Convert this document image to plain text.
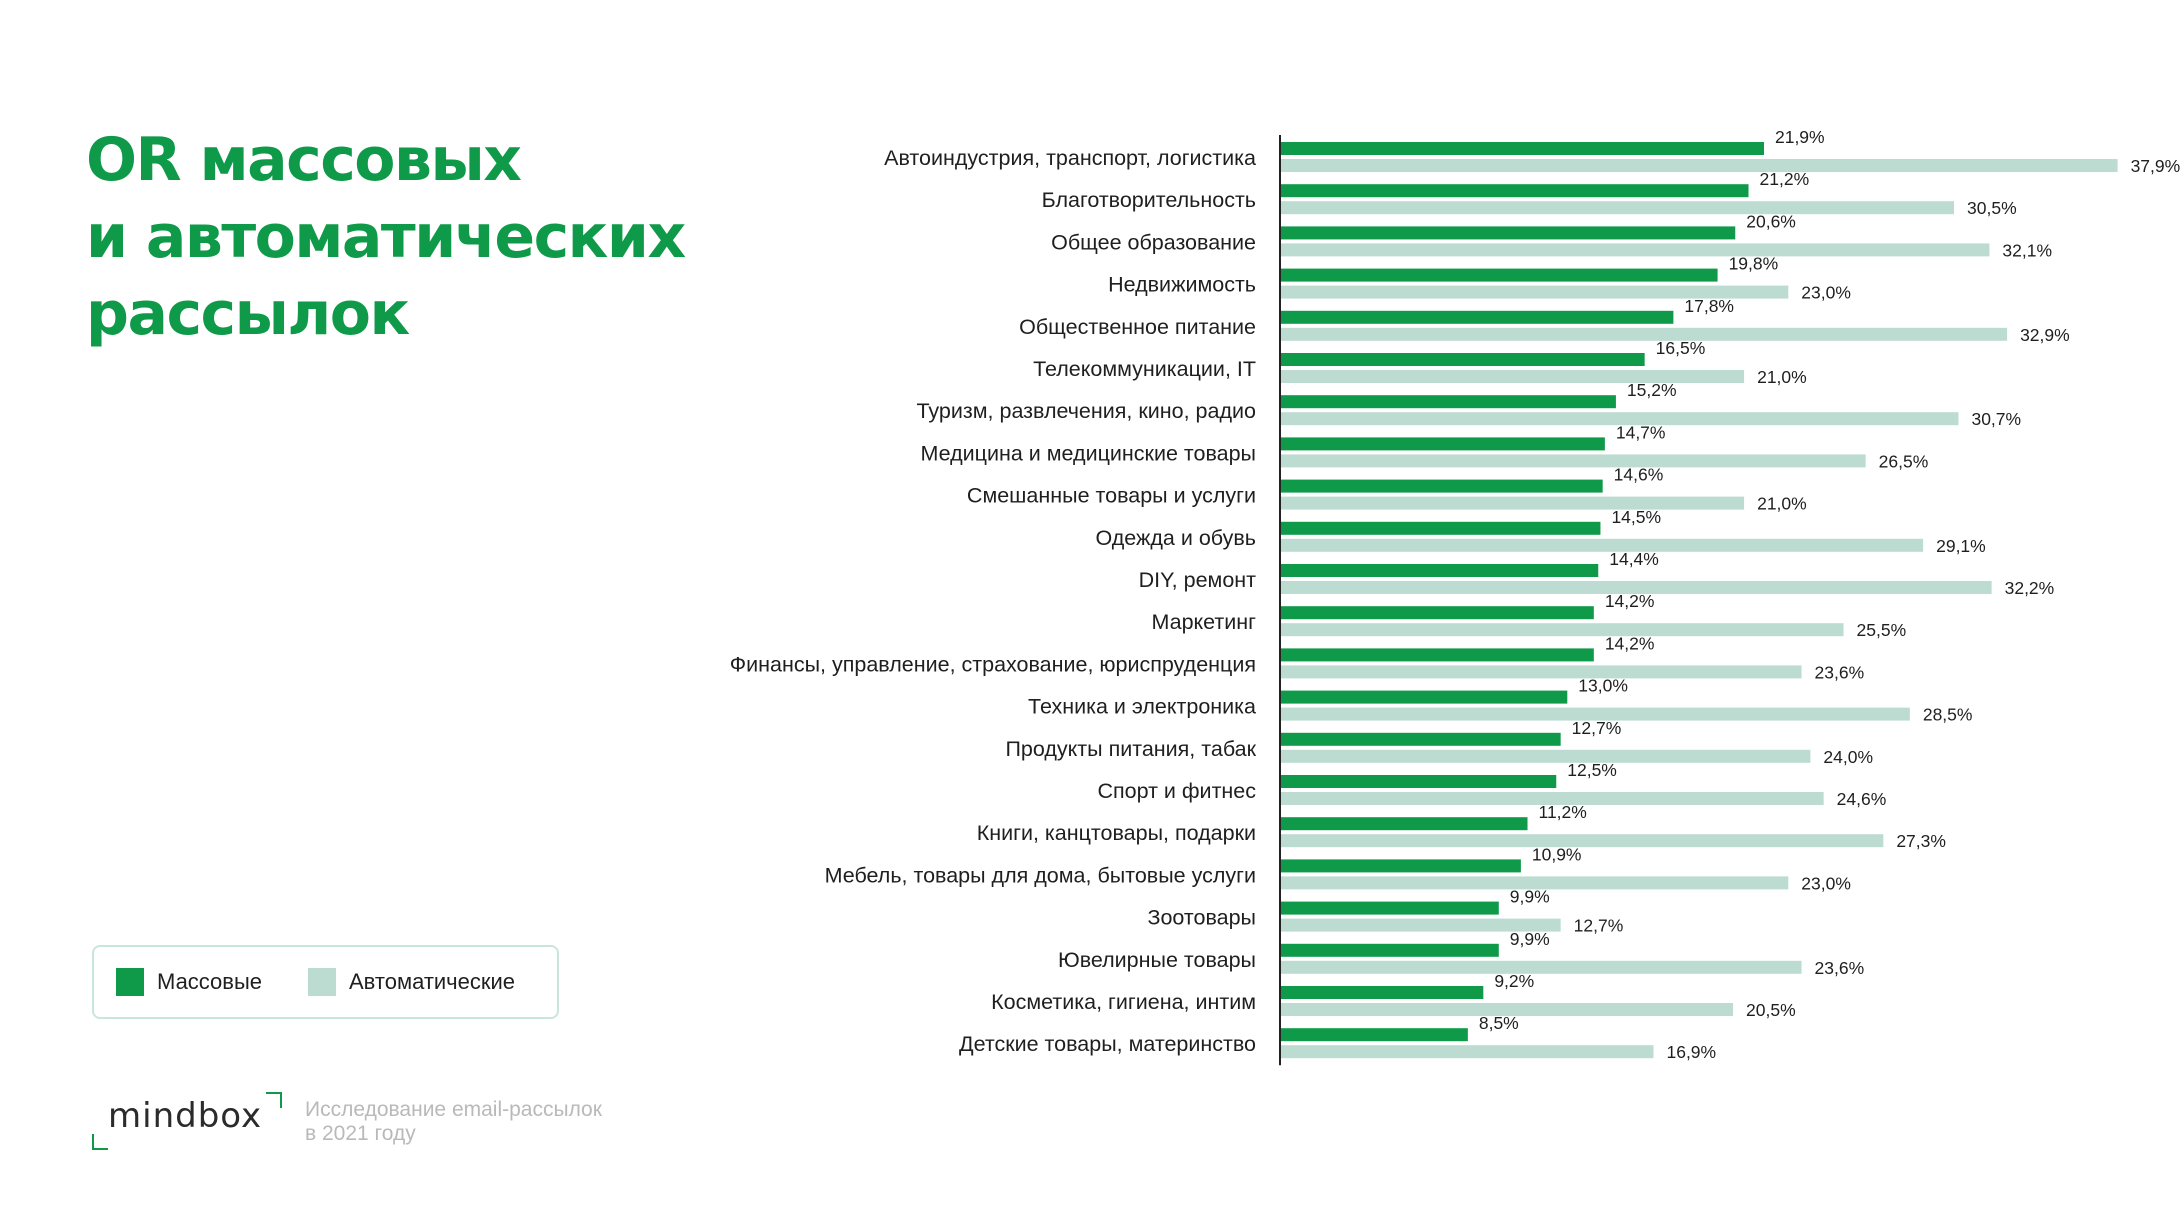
OR массовых
и автоматических
рассылок
Автоиндустрия, транспорт, логистика
21,9%
37,9%
Благотворительность
21,2%
30,5%
Общее образование
20,6%
32,1%
Недвижимость
19,8%
23,0%
Общественное питание
17,8%
32,9%
Телекоммуникации, IT
16,5%
21,0%
Туризм, развлечения, кино, радио
15,2%
30,7%
Медицина и медицинские товары
14,7%
26,5%
Смешанные товары и услуги
14,6%
21,0%
Одежда и обувь
14,5%
29,1%
DIY, ремонт
14,4%
32,2%
Маркетинг
14,2%
25,5%
Финансы, управление, страхование, юриспруденция
14,2%
23,6%
Техника и электроника
13,0%
28,5%
Продукты питания, табак
12,7%
24,0%
Спорт и фитнес
12,5%
24,6%
Книги, канцтовары, подарки
11,2%
27,3%
Мебель, товары для дома, бытовые услуги
10,9%
23,0%
Зоотовары
9,9%
12,7%
Ювелирные товары
9,9%
23,6%
Косметика, гигиена, интим
9,2%
20,5%
Детские товары, материнство
8,5%
16,9%
Массовые	Автоматические
mindbox Исследование email-рассылок
в 2021 году
